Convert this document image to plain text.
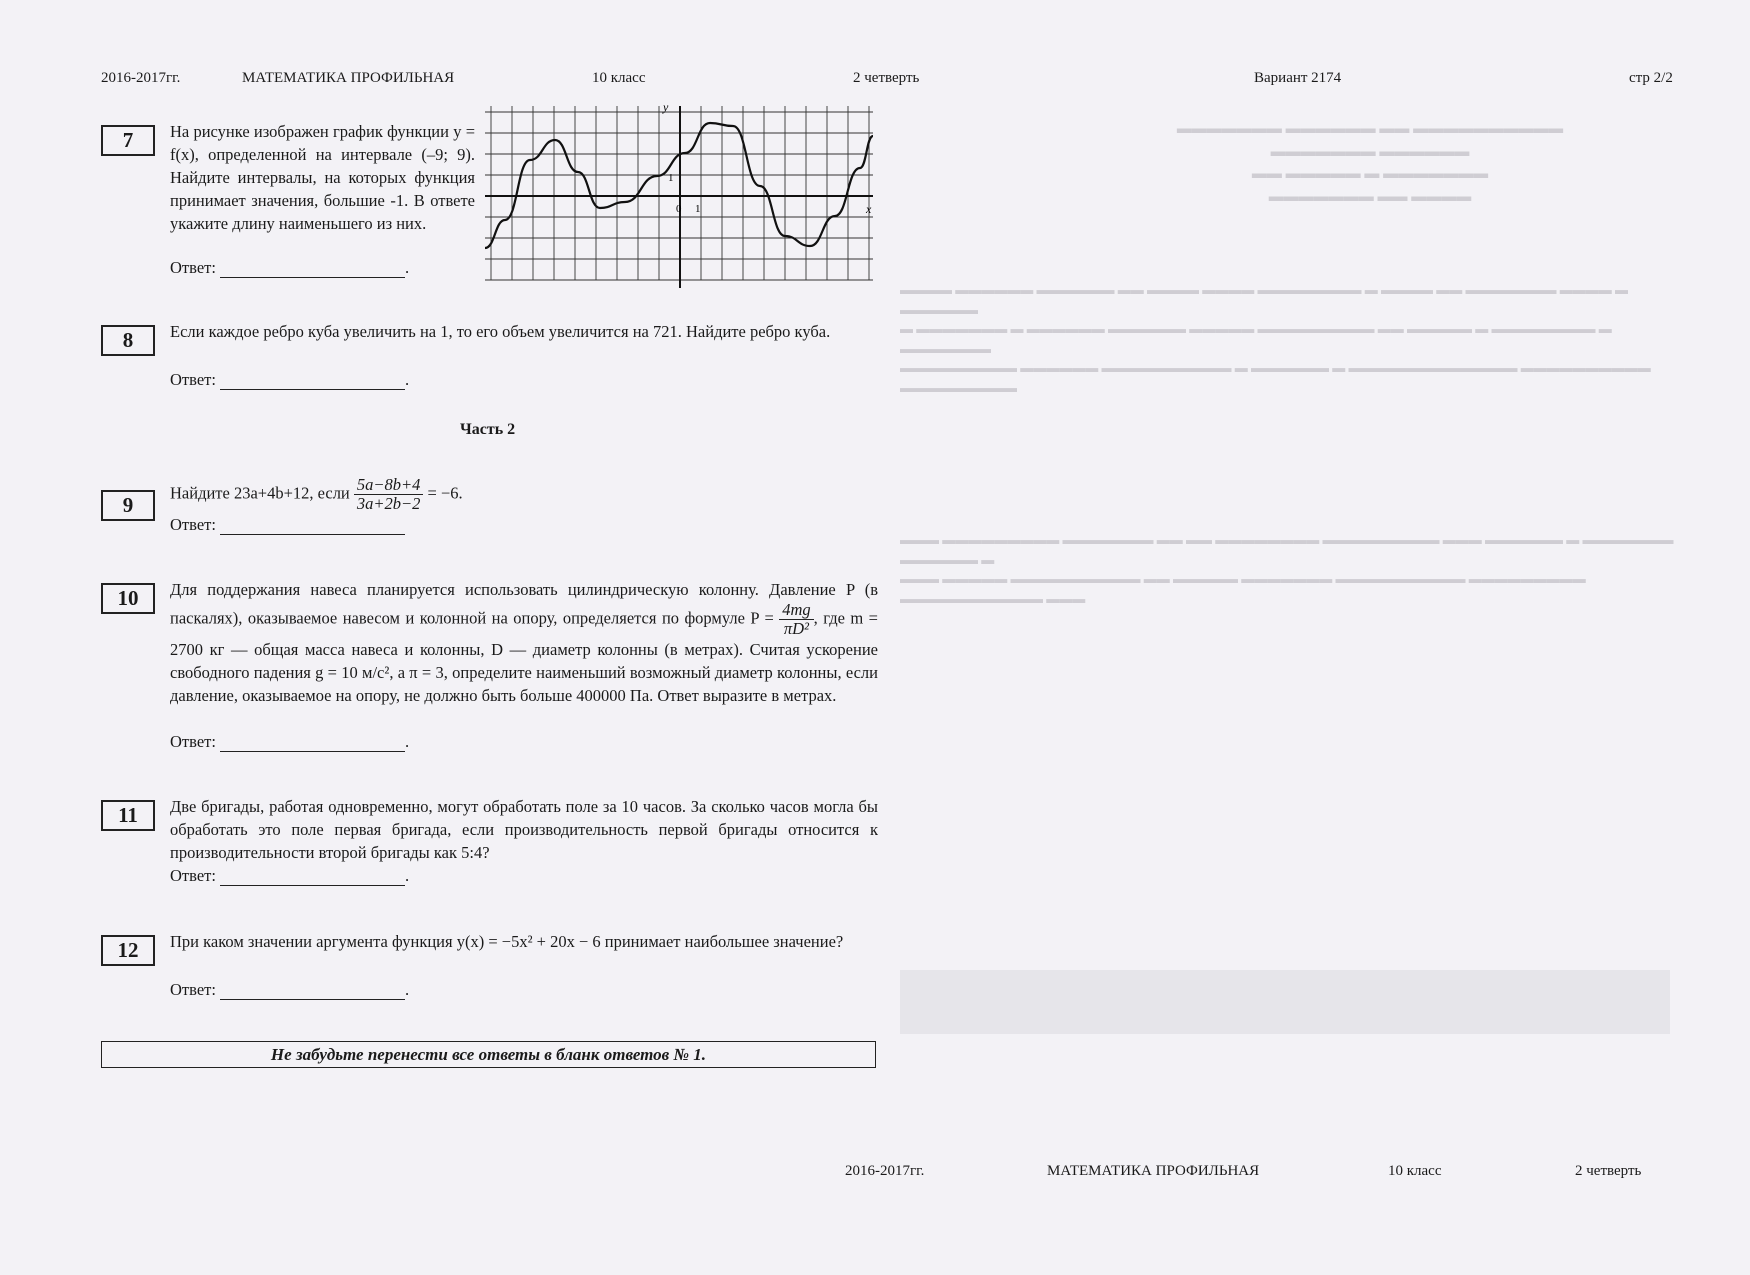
▬▬▬▬▬▬▬ ▬▬▬▬▬▬ ▬▬ ▬▬▬▬▬▬▬▬▬▬
▬▬▬▬▬▬▬ ▬▬▬▬▬▬
▬▬ ▬▬▬▬▬ ▬ ▬▬▬▬▬▬▬
▬▬▬▬▬▬▬ ▬▬ ▬▬▬▬
▬▬▬▬ ▬▬▬▬▬▬ ▬▬▬▬▬▬ ▬▬ ▬▬▬▬ ▬▬▬▬ ▬▬▬▬▬▬▬▬ ▬ ▬▬▬▬ ▬▬ ▬▬▬▬▬▬▬ ▬▬▬▬ ▬ ▬▬▬▬▬▬
▬ ▬▬▬▬▬▬▬ ▬ ▬▬▬▬▬▬ ▬▬▬▬▬▬ ▬▬▬▬▬ ▬▬▬▬▬▬▬▬▬ ▬▬ ▬▬▬▬▬ ▬ ▬▬▬▬▬▬▬▬ ▬ ▬▬▬▬▬▬▬
▬▬▬▬▬▬▬▬▬ ▬▬▬▬▬▬ ▬▬▬▬▬▬▬▬▬▬ ▬ ▬▬▬▬▬▬ ▬ ▬▬▬▬▬▬▬▬▬▬▬▬▬ ▬▬▬▬▬▬▬▬▬▬ ▬▬▬▬▬▬▬▬▬
▬▬▬ ▬▬▬▬▬▬▬▬▬ ▬▬▬▬▬▬▬ ▬▬ ▬▬ ▬▬▬▬▬▬▬▬ ▬▬▬▬▬▬▬▬▬ ▬▬▬ ▬▬▬▬▬▬ ▬ ▬▬▬▬▬▬▬ ▬▬▬▬▬▬ ▬
▬▬▬ ▬▬▬▬▬ ▬▬▬▬▬▬▬▬▬▬ ▬▬ ▬▬▬▬▬ ▬▬▬▬▬▬▬ ▬▬▬▬▬▬▬▬▬▬ ▬▬▬▬▬▬▬▬▬ ▬▬▬▬▬▬▬▬▬▬▬ ▬▬▬
2016-2017гг.	МАТЕМАТИКА ПРОФИЛЬНАЯ	10 класс	2 четверть	Вариант 2174	стр 2/2
7	На рисунке изображен график функции y = f(x), определенной на интервале (–9; 9). Найдите интервалы, на которых функция принимает значения, большие -1. В ответе укажите длину наименьшего из них.
Ответ:	.
y
x
0 1
1
8	Если каждое ребро куба увеличить на 1, то его объем увеличится на 721. Найдите ребро куба.
Ответ:	.
Часть 2
9
Найдите 23a+4b+12, если $\frac{5a-8b+4}{3a+2b-2} = -6$.
Ответ:
10	Для поддержания навеса планируется использовать цилиндрическую колонну. Давление P (в паскалях), оказываемое навесом и колонной на опору, определяется по формуле $P = \frac{4mg}{\text{πD²}}$ , где m = 2700 кг — общая масса навеса и колонны, D — диаметр колонны (в метрах). Считая ускорение свободного падения g = 10 м/с², а π = 3, определите наименьший возможный диаметр колонны, если давление, оказываемое на опору, не должно быть больше 400000 Па. Ответ выразите в метрах.
Ответ:	.
11	Две бригады, работая одновременно, могут обработать поле за 10 часов. За сколько часов могла бы обработать это поле первая бригада, если производительность первой бригады относится к производительности второй бригады как 5:4?
Ответ:	.
12	При каком значении аргумента функция y(x) = −5x² + 20x − 6 принимает наибольшее значение?
Ответ:	.
Не забудьте перенести все ответы в бланк ответов № 1.
2016-2017гг.	МАТЕМАТИКА ПРОФИЛЬНАЯ	10 класс	2 четверть
